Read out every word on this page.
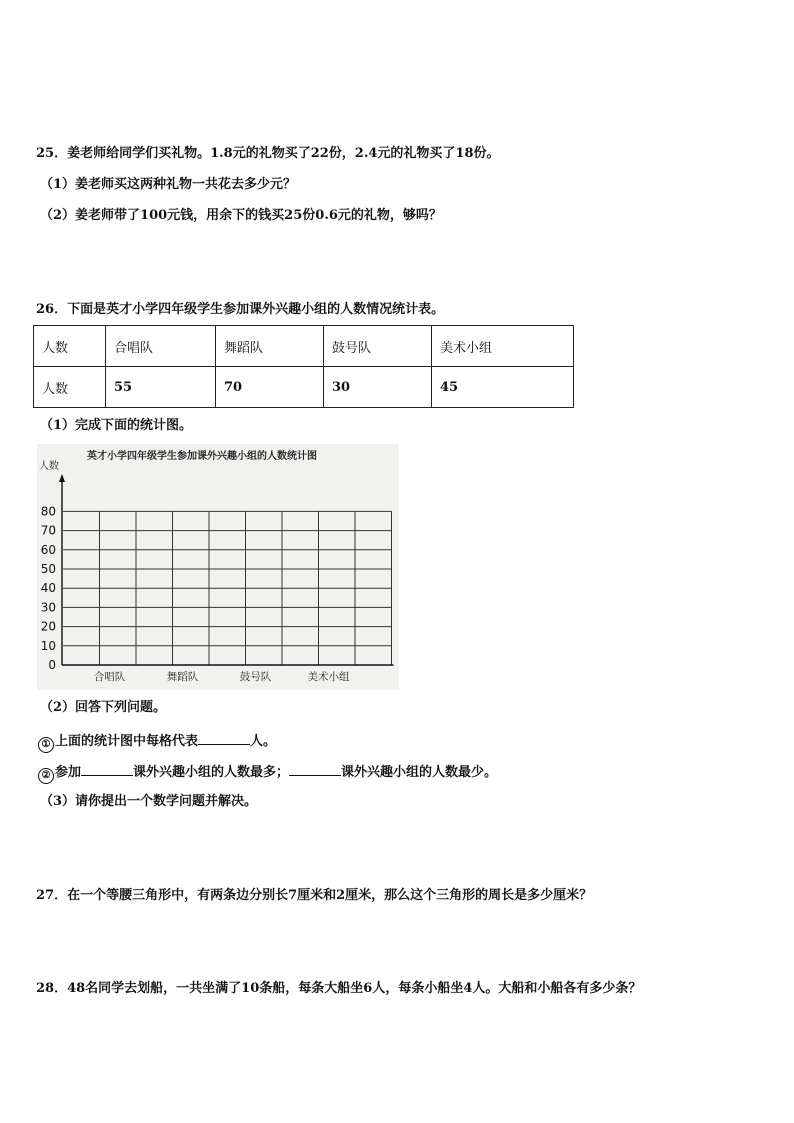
25．姜老师给同学们买礼物。1.8元的礼物买了22份，2.4元的礼物买了18份。
（1）姜老师买这两种礼物一共花去多少元？
（2）姜老师带了100元钱，用余下的钱买25份0.6元的礼物，够吗？
26．下面是英才小学四年级学生参加课外兴趣小组的人数情况统计表。
人数	合唱队	舞蹈队	鼓号队	美术小组
人数	55	70	30	45
（1）完成下面的统计图。
英才小学四年级学生参加课外兴趣小组的人数统计图
人数
0
10
20
30
40
50
60
70
80
合唱队	舞蹈队	鼓号队	美术小组
（2）回答下列问题。
① 上面的统计图中每格代表	人。
② 参加	课外兴趣小组的人数最多；	课外兴趣小组的人数最少。
（3）请你提出一个数学问题并解决。
27．在一个等腰三角形中，有两条边分别长7厘米和2厘米，那么这个三角形的周长是多少厘米？
28．48名同学去划船，一共坐满了10条船，每条大船坐6人，每条小船坐4人。大船和小船各有多少条？
